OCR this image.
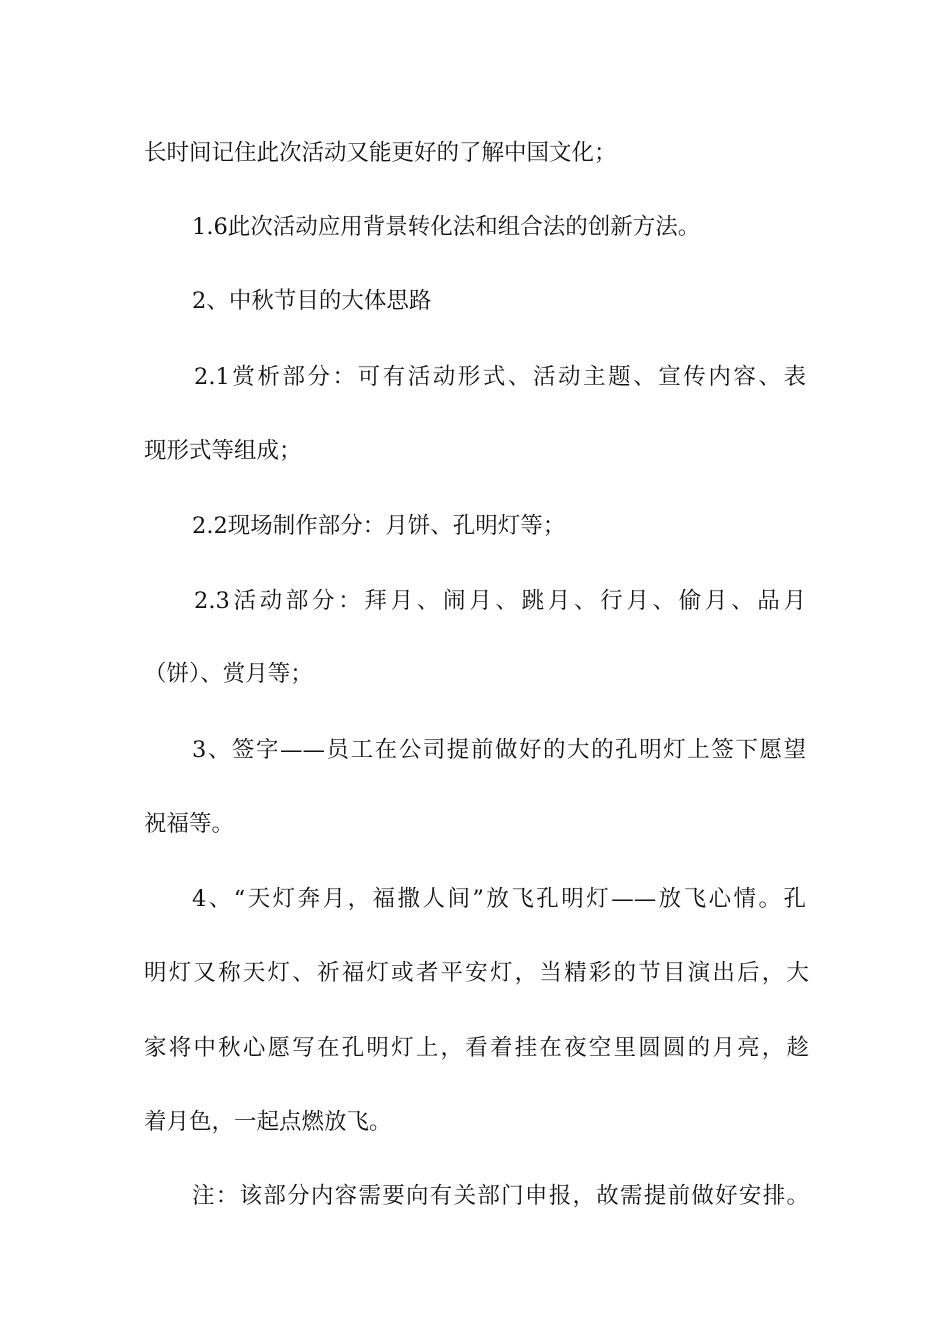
长时间记住此次活动又能更好的了解中国文化；
1.6此次活动应用背景转化法和组合法的创新方法。
2、中秋节目的大体思路
2.1赏析部分：可有活动形式、活动主题、宣传内容、表
现形式等组成；
2.2现场制作部分：月饼、孔明灯等；
2.3活动部分：拜月、闹月、跳月、行月、偷月、品月
（饼）、赏月等；
3、签字——员工在公司提前做好的大的孔明灯上签下愿望
祝福等。
4、“天灯奔月，福撒人间”放飞孔明灯——放飞心情。孔
明灯又称天灯、祈福灯或者平安灯，当精彩的节目演出后，大
家将中秋心愿写在孔明灯上，看着挂在夜空里圆圆的月亮，趁
着月色，一起点燃放飞。
注：该部分内容需要向有关部门申报，故需提前做好安排。
